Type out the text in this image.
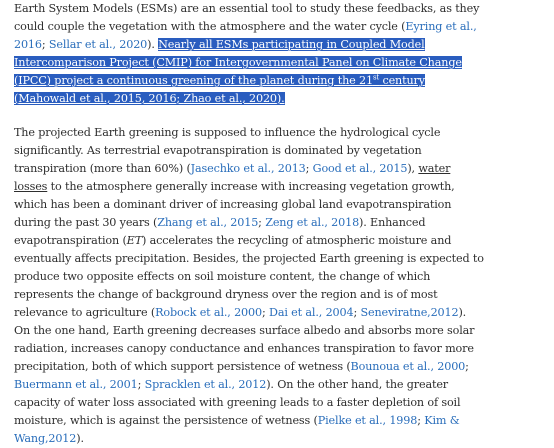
Earth System Models (ESMs) are an essential tool to study these feedbacks, as they could couple the vegetation with the atmosphere and the water cycle (Eyring et al., 2016; Sellar et al., 2020). Nearly all ESMs participating in Coupled Model Intercomparison Project (CMIP) for Intergovernmental Panel on Climate Change (IPCC) project a continuous greening of the planet during the 21st century (Mahowald et al., 2015, 2016; Zhao et al., 2020).

The projected Earth greening is supposed to influence the hydrological cycle significantly. As terrestrial evapotranspiration is dominated by vegetation transpiration (more than 60%) (Jasechko et al., 2013; Good et al., 2015), water losses to the atmosphere generally increase with increasing vegetation growth, which has been a dominant driver of increasing global land evapotranspiration during the past 30 years (Zhang et al., 2015; Zeng et al., 2018). Enhanced evapotranspiration (ET) accelerates the recycling of atmospheric moisture and eventually affects precipitation. Besides, the projected Earth greening is expected to produce two opposite effects on soil moisture content, the change of which represents the change of background dryness over the region and is of most relevance to agriculture (Robock et al., 2000; Dai et al., 2004; Seneviratne,2012). On the one hand, Earth greening decreases surface albedo and absorbs more solar radiation, increases canopy conductance and enhances transpiration to favor more precipitation, both of which support persistence of wetness (Bounoua et al., 2000; Buermann et al., 2001; Spracklen et al., 2012). On the other hand, the greater capacity of water loss associated with greening leads to a faster depletion of soil moisture, which is against the persistence of wetness (Pielke et al., 1998; Kim & Wang,2012).
